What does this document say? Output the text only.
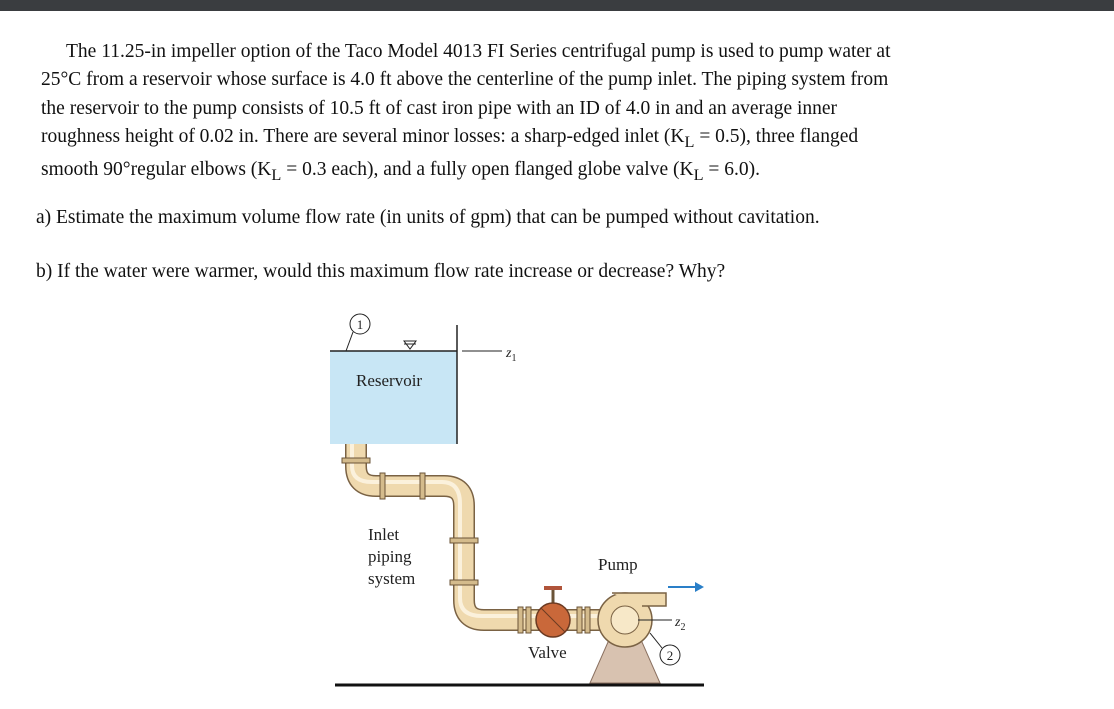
The 11.25-in impeller option of the Taco Model 4013 FI Series centrifugal pump is used to pump water at
25°C from a reservoir whose surface is 4.0 ft above the centerline of the pump inlet. The piping system from
the reservoir to the pump consists of 10.5 ft of cast iron pipe with an ID of 4.0 in and an average inner
roughness height of 0.02 in. There are several minor losses: a sharp-edged inlet $(K_L = 0.5)$, three flanged
smooth 90°regular elbows ($K_L = 0.3$ each), and a fully open flanged globe valve $(K_L = 6.0)$.

a) Estimate the maximum volume flow rate (in units of gpm) that can be pumped without cavitation.

b) If the water were warmer, would this maximum flow rate increase or decrease? Why?

Reservoir
1
$z_1$
Valve
Pump
$z_2$
2
Inlet piping system
